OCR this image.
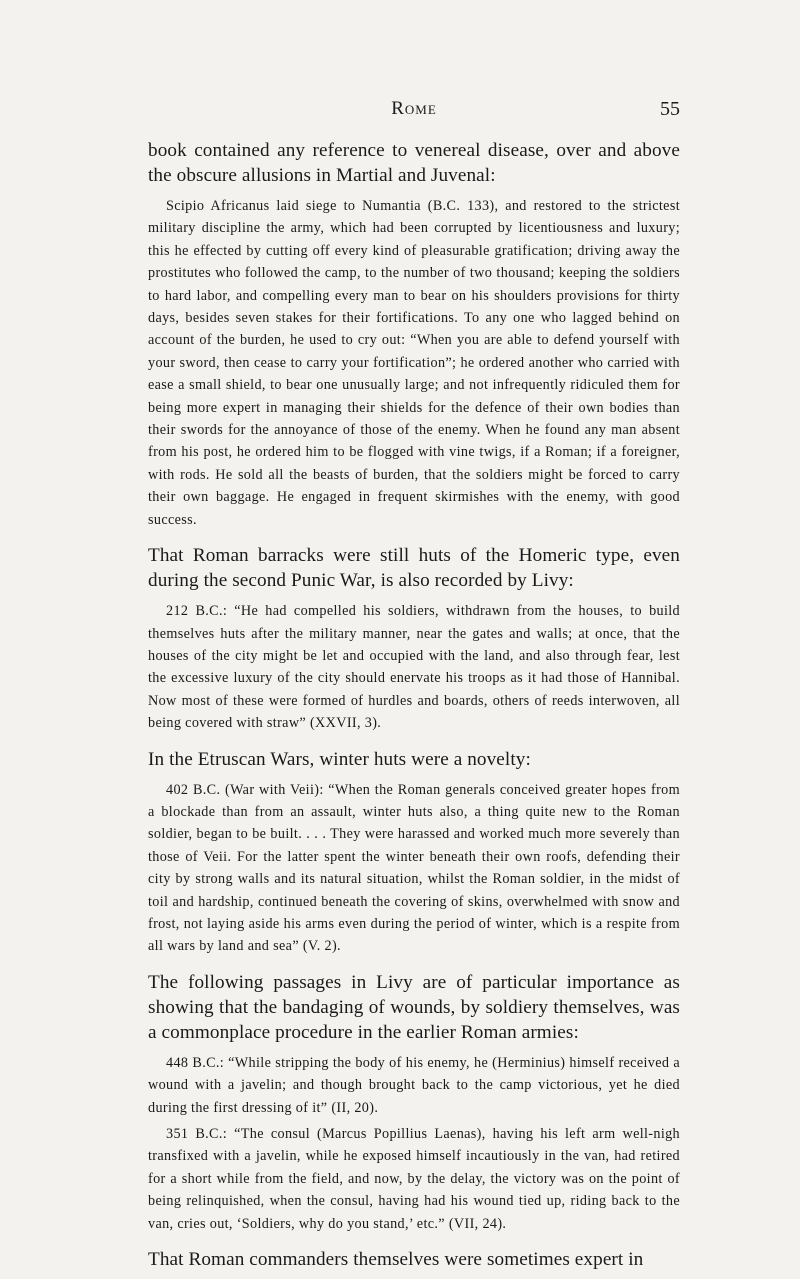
Rome	55

book contained any reference to venereal disease, over and above the obscure allusions in Martial and Juvenal:

Scipio Africanus laid siege to Numantia (B.C. 133), and restored to the strictest military discipline the army, which had been corrupted by licentiousness and luxury; this he effected by cutting off every kind of pleasurable gratification; driving away the prostitutes who followed the camp, to the number of two thousand; keeping the soldiers to hard labor, and compelling every man to bear on his shoulders provisions for thirty days, besides seven stakes for their fortifications. To any one who lagged behind on account of the burden, he used to cry out: “When you are able to defend yourself with your sword, then cease to carry your fortification”; he ordered another who carried with ease a small shield, to bear one unusually large; and not infrequently ridiculed them for being more expert in managing their shields for the defence of their own bodies than their swords for the annoyance of those of the enemy. When he found any man absent from his post, he ordered him to be flogged with vine twigs, if a Roman; if a foreigner, with rods. He sold all the beasts of burden, that the soldiers might be forced to carry their own baggage. He engaged in frequent skirmishes with the enemy, with good success.

That Roman barracks were still huts of the Homeric type, even during the second Punic War, is also recorded by Livy:

212 B.C.: “He had compelled his soldiers, withdrawn from the houses, to build themselves huts after the military manner, near the gates and walls; at once, that the houses of the city might be let and occupied with the land, and also through fear, lest the excessive luxury of the city should enervate his troops as it had those of Hannibal. Now most of these were formed of hurdles and boards, others of reeds interwoven, all being covered with straw” (XXVII, 3).

In the Etruscan Wars, winter huts were a novelty:

402 B.C. (War with Veii): “When the Roman generals conceived greater hopes from a blockade than from an assault, winter huts also, a thing quite new to the Roman soldier, began to be built. . . . They were harassed and worked much more severely than those of Veii. For the latter spent the winter beneath their own roofs, defending their city by strong walls and its natural situation, whilst the Roman soldier, in the midst of toil and hardship, continued beneath the covering of skins, overwhelmed with snow and frost, not laying aside his arms even during the period of winter, which is a respite from all wars by land and sea” (V. 2).

The following passages in Livy are of particular importance as showing that the bandaging of wounds, by soldiery themselves, was a commonplace procedure in the earlier Roman armies:

448 B.C.: “While stripping the body of his enemy, he (Herminius) himself received a wound with a javelin; and though brought back to the camp victorious, yet he died during the first dressing of it” (II, 20).

351 B.C.: “The consul (Marcus Popillius Laenas), having his left arm well-nigh transfixed with a javelin, while he exposed himself incautiously in the van, had retired for a short while from the field, and now, by the delay, the victory was on the point of being relinquished, when the consul, having had his wound tied up, riding back to the van, cries out, ‘Soldiers, why do you stand,’ etc.” (VII, 24).

That Roman commanders themselves were sometimes expert in
